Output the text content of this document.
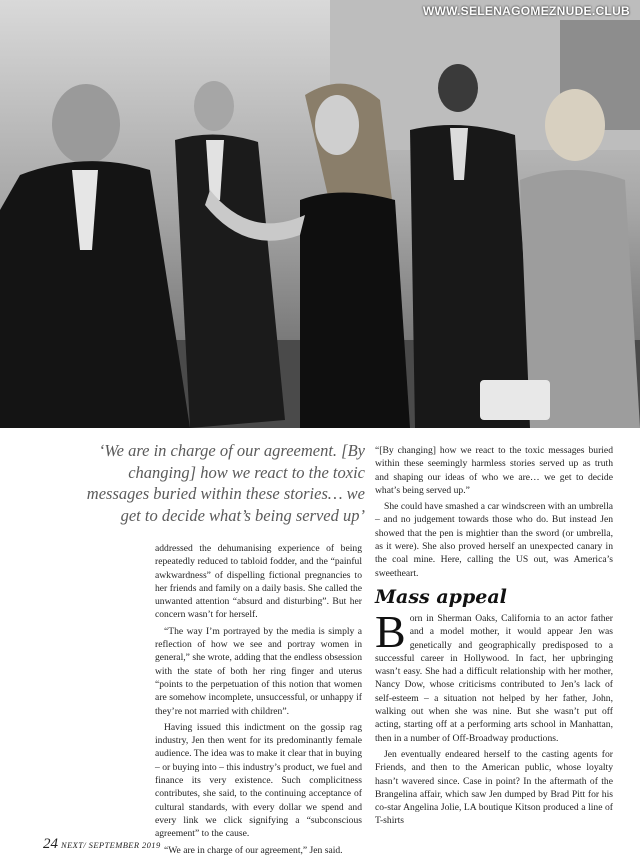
WWW.SELENAGOMEZNUDE.CLUB
‘We are in charge of our agreement. [By changing] how we react to the toxic messages buried within these stories… we get to decide what’s being served up’

addressed the dehumanising experience of being repeatedly reduced to tabloid fodder, and the “painful awkwardness” of dispelling fictional pregnancies to her friends and family on a daily basis. She called the unwanted attention “absurd and disturbing”. But her concern wasn’t for herself.

“The way I’m portrayed by the media is simply a reflection of how we see and portray women in general,” she wrote, adding that the endless obsession with the state of both her ring finger and uterus “points to the perpetuation of this notion that women are somehow incomplete, unsuccessful, or unhappy if they’re not married with children”.

Having issued this indictment on the gossip rag industry, Jen then went for its predominantly female audience. The idea was to make it clear that in buying – or buying into – this industry’s product, we fuel and finance its very existence. Such complicitness contributes, she said, to the continuing acceptance of cultural standards, with every dollar we spend and every link we click signifying a “subconscious agreement” to the cause.

“We are in charge of our agreement,” Jen said.

“[By changing] how we react to the toxic messages buried within these seemingly harmless stories served up as truth and shaping our ideas of who we are… we get to decide what’s being served up.”

She could have smashed a car windscreen with an umbrella – and no judgement towards those who do. But instead Jen showed that the pen is mightier than the sword (or umbrella, as it were). She also proved herself an unexpected canary in the coal mine. Here, calling the US out, was America’s sweetheart.

Mass appeal

Born in Sherman Oaks, California to an actor father and a model mother, it would appear Jen was genetically and geographically predisposed to a successful career in Hollywood. In fact, her upbringing wasn’t easy. She had a difficult relationship with her mother, Nancy Dow, whose criticisms contributed to Jen’s lack of self-esteem – a situation not helped by her father, John, walking out when she was nine. But she wasn’t put off acting, starting off at a performing arts school in Manhattan, then in a number of Off-Broadway productions.

Jen eventually endeared herself to the casting agents for Friends, and then to the American public, whose loyalty hasn’t wavered since. Case in point? In the aftermath of the Brangelina affair, which saw Jen dumped by Brad Pitt for his co-star Angelina Jolie, LA boutique Kitson produced a line of T-shirts

24 NEXT/ SEPTEMBER 2019
